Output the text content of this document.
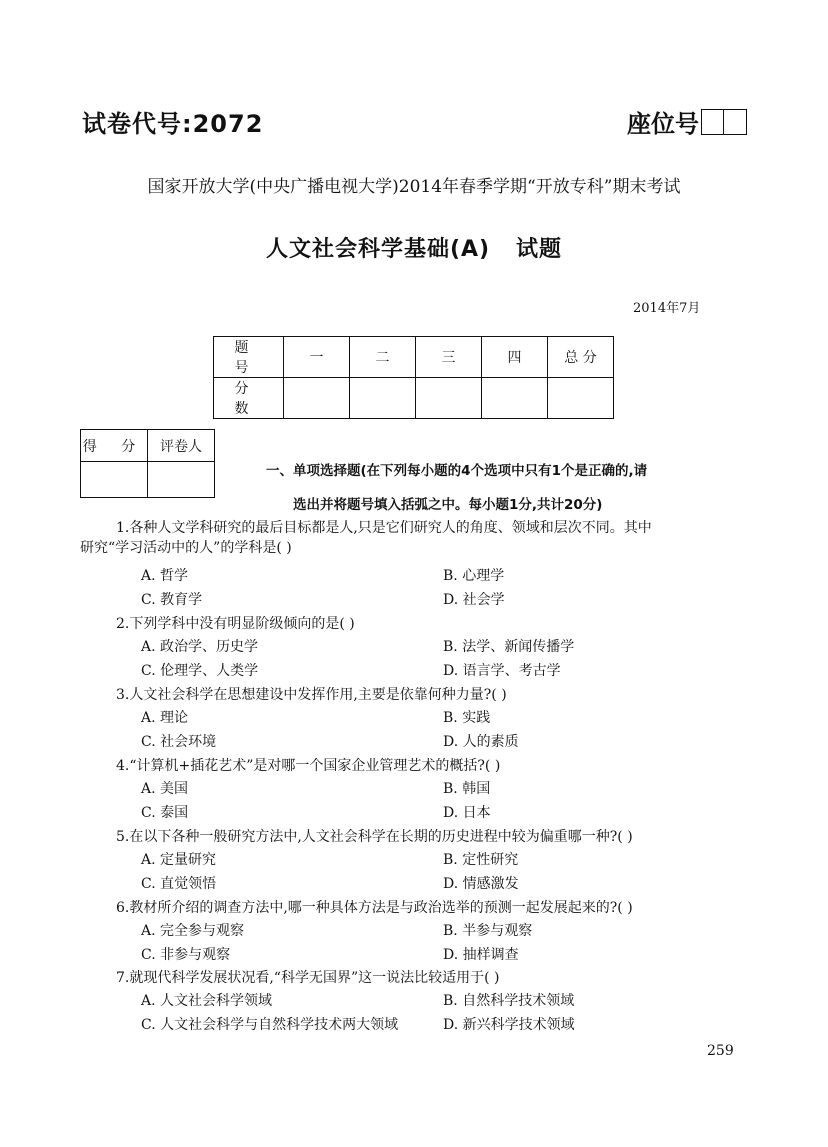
试卷代号:2072	座位号
国家开放大学(中央广播电视大学)2014年春季学期“开放专科”期末考试
人文社会科学基础(A)   试题
2014年7月
题 号	一	二	三	四	总 分
分 数					
得 分	评卷人

一、单项选择题(在下列每小题的4个选项中只有1个是正确的,请
选出并将题号填入括弧之中。每小题1分,共计20分)
1.各种人文学科研究的最后目标都是人,只是它们研究人的角度、领域和层次不同。其中
研究“学习活动中的人”的学科是( )
A. 哲学	B. 心理学
C. 教育学	D. 社会学
2.下列学科中没有明显阶级倾向的是( )
A. 政治学、历史学	B. 法学、新闻传播学
C. 伦理学、人类学	D. 语言学、考古学
3.人文社会科学在思想建设中发挥作用,主要是依靠何种力量?( )
A. 理论	B. 实践
C. 社会环境	D. 人的素质
4.“计算机+插花艺术”是对哪一个国家企业管理艺术的概括?( )
A. 美国	B. 韩国
C. 泰国	D. 日本
5.在以下各种一般研究方法中,人文社会科学在长期的历史进程中较为偏重哪一种?( )
A. 定量研究	B. 定性研究
C. 直觉领悟	D. 情感激发
6.教材所介绍的调查方法中,哪一种具体方法是与政治选举的预测一起发展起来的?( )
A. 完全参与观察	B. 半参与观察
C. 非参与观察	D. 抽样调查
7.就现代科学发展状况看,“科学无国界”这一说法比较适用于( )
A. 人文社会科学领域	B. 自然科学技术领域
C. 人文社会科学与自然科学技术两大领域	D. 新兴科学技术领域
259
